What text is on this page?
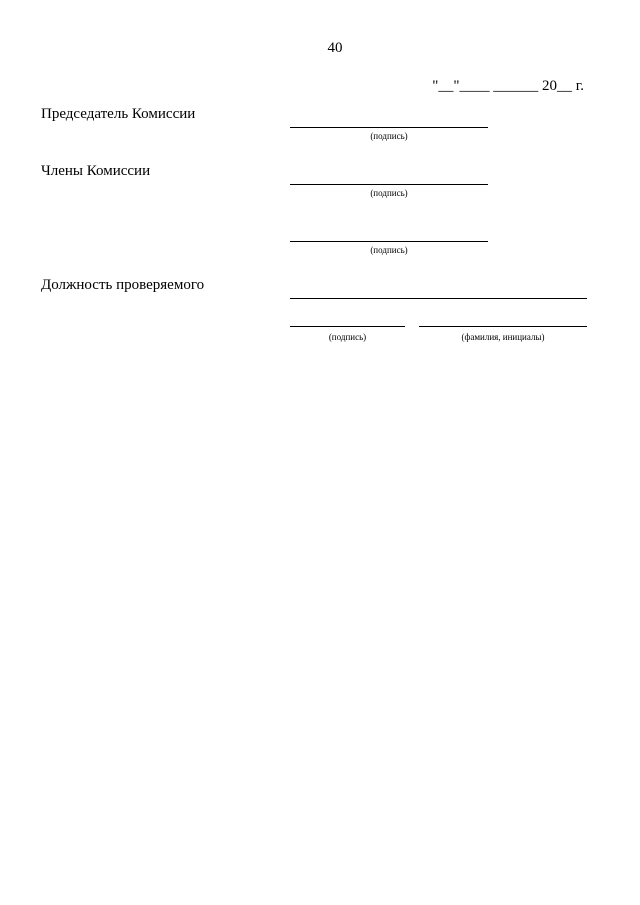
40
"__"____ ______ 20__ г.
Председатель Комиссии
(подпись)
Члены Комиссии
(подпись)
(подпись)
Должность проверяемого
(подпись)	(фамилия, инициалы)
